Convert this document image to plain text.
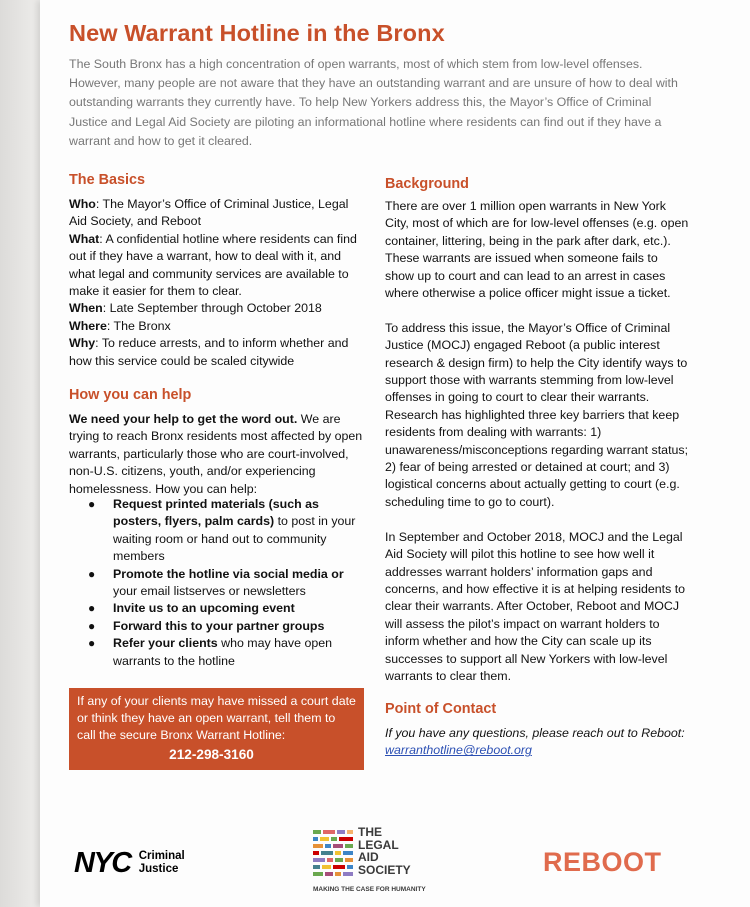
New Warrant Hotline in the Bronx
The South Bronx has a high concentration of open warrants, most of which stem from low-level offenses. However, many people are not aware that they have an outstanding warrant and are unsure of how to deal with outstanding warrants they currently have. To help New Yorkers address this, the Mayor’s Office of Criminal Justice and Legal Aid Society are piloting an informational hotline where residents can find out if they have a warrant and how to get it cleared.
The Basics

Who: The Mayor’s Office of Criminal Justice, Legal Aid Society, and Reboot

What: A confidential hotline where residents can find out if they have a warrant, how to deal with it, and what legal and community services are available to make it easier for them to clear.

When: Late September through October 2018

Where: The Bronx

Why: To reduce arrests, and to inform whether and how this service could be scaled citywide

How you can help

We need your help to get the word out. We are trying to reach Bronx residents most affected by open warrants, particularly those who are court-involved, non-U.S. citizens, youth, and/or experiencing homelessness. How you can help:

● Request printed materials (such as posters, flyers, palm cards) to post in your waiting room or hand out to community members
● Promote the hotline via social media or your email listserves or newsletters
● Invite us to an upcoming event
● Forward this to your partner groups
● Refer your clients who may have open warrants to the hotline
If any of your clients may have missed a court date or think they have an open warrant, tell them to call the secure Bronx Warrant Hotline:
212-298-3160
Background

There are over 1 million open warrants in New York City, most of which are for low-level offenses (e.g. open container, littering, being in the park after dark, etc.). These warrants are issued when someone fails to show up to court and can lead to an arrest in cases where otherwise a police officer might issue a ticket.

To address this issue, the Mayor’s Office of Criminal Justice (MOCJ) engaged Reboot (a public interest research & design firm) to help the City identify ways to support those with warrants stemming from low-level offenses in going to court to clear their warrants. Research has highlighted three key barriers that keep residents from dealing with warrants: 1) unawareness/misconceptions regarding warrant status; 2) fear of being arrested or detained at court; and 3) logistical concerns about actually getting to court (e.g. scheduling time to go to court).

In September and October 2018, MOCJ and the Legal Aid Society will pilot this hotline to see how well it addresses warrant holders’ information gaps and concerns, and how effective it is at helping residents to clear their warrants. After October, Reboot and MOCJ will assess the pilot’s impact on warrant holders to inform whether and how the City can scale up its successes to support all New Yorkers with low-level warrants to clear them.

Point of Contact

If you have any questions, please reach out to Reboot:

warranthotline@reboot.org

NYC Criminal
Justice
THE
LEGAL
AID
SOCIETY
MAKING THE CASE FOR HUMANITY
REBOOT
